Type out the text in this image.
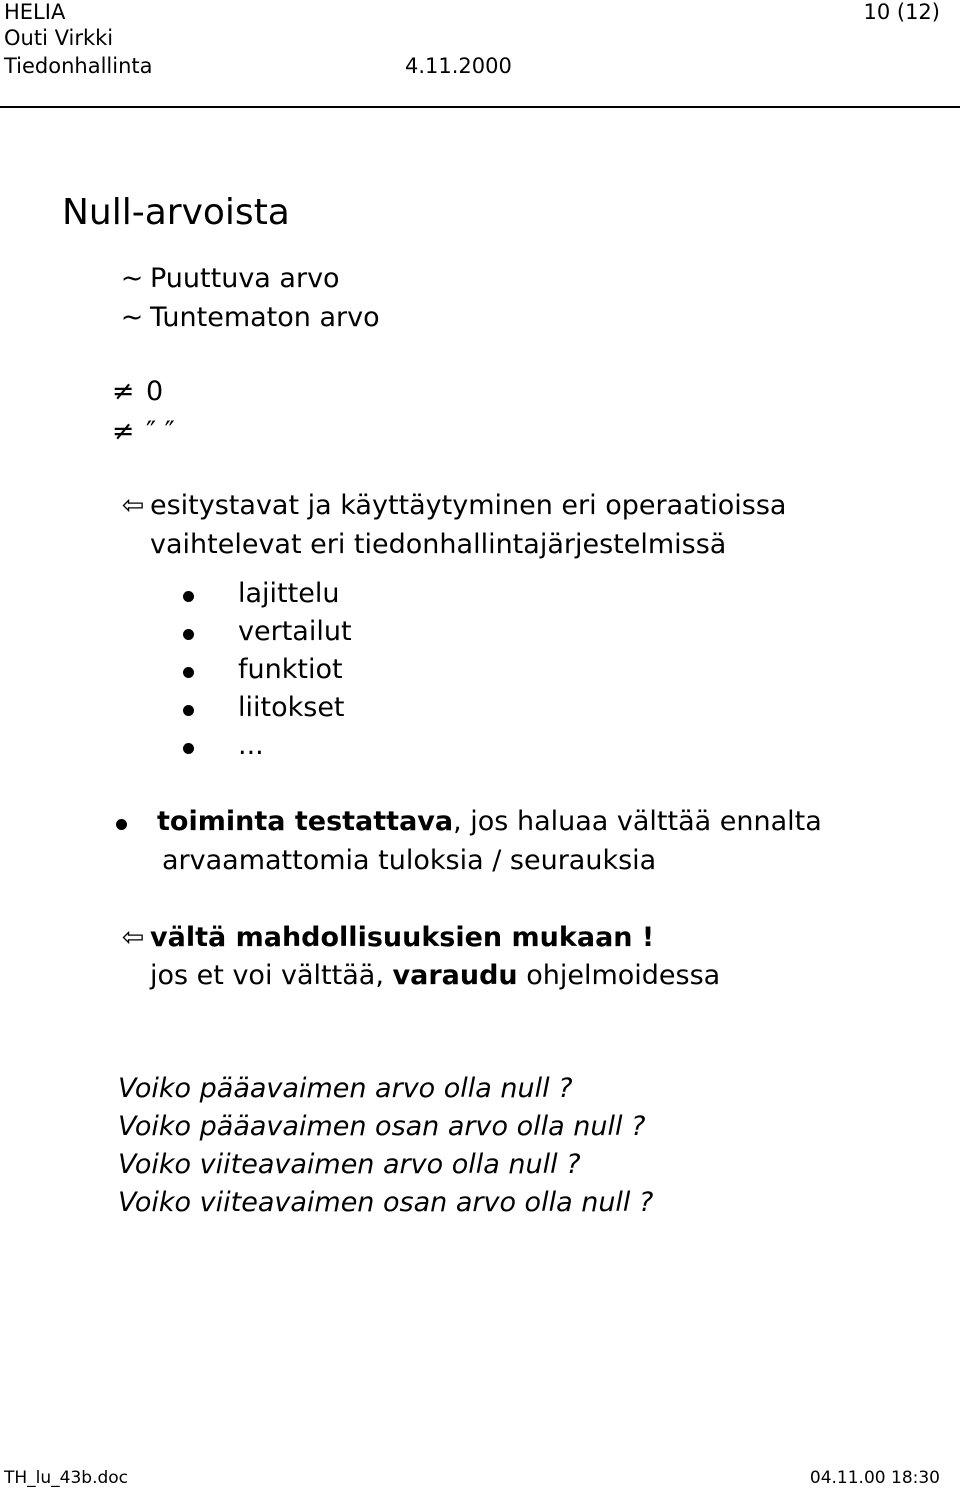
HELIA
Outi Virkki
Tiedonhallinta	4.11.2000
10 (12)
Null-arvoista
~ Puuttuva arvo
~ Tuntematon arvo
≠ 0
≠ ″ ″
⇦ esitystavat ja käyttäytyminen eri operaatioissa
vaihtelevat eri tiedonhallintajärjestelmissä
lajittelu
vertailut
funktiot
liitokset
...
toiminta testattava, jos haluaa välttää ennalta
arvaamattomia tuloksia / seurauksia
⇦ vältä mahdollisuuksien mukaan !
jos et voi välttää, varaudu ohjelmoidessa
Voiko pääavaimen arvo olla null ?
Voiko pääavaimen osan arvo olla null ?
Voiko viiteavaimen arvo olla null ?
Voiko viiteavaimen osan arvo olla null ?
TH_lu_43b.doc	04.11.00 18:30
